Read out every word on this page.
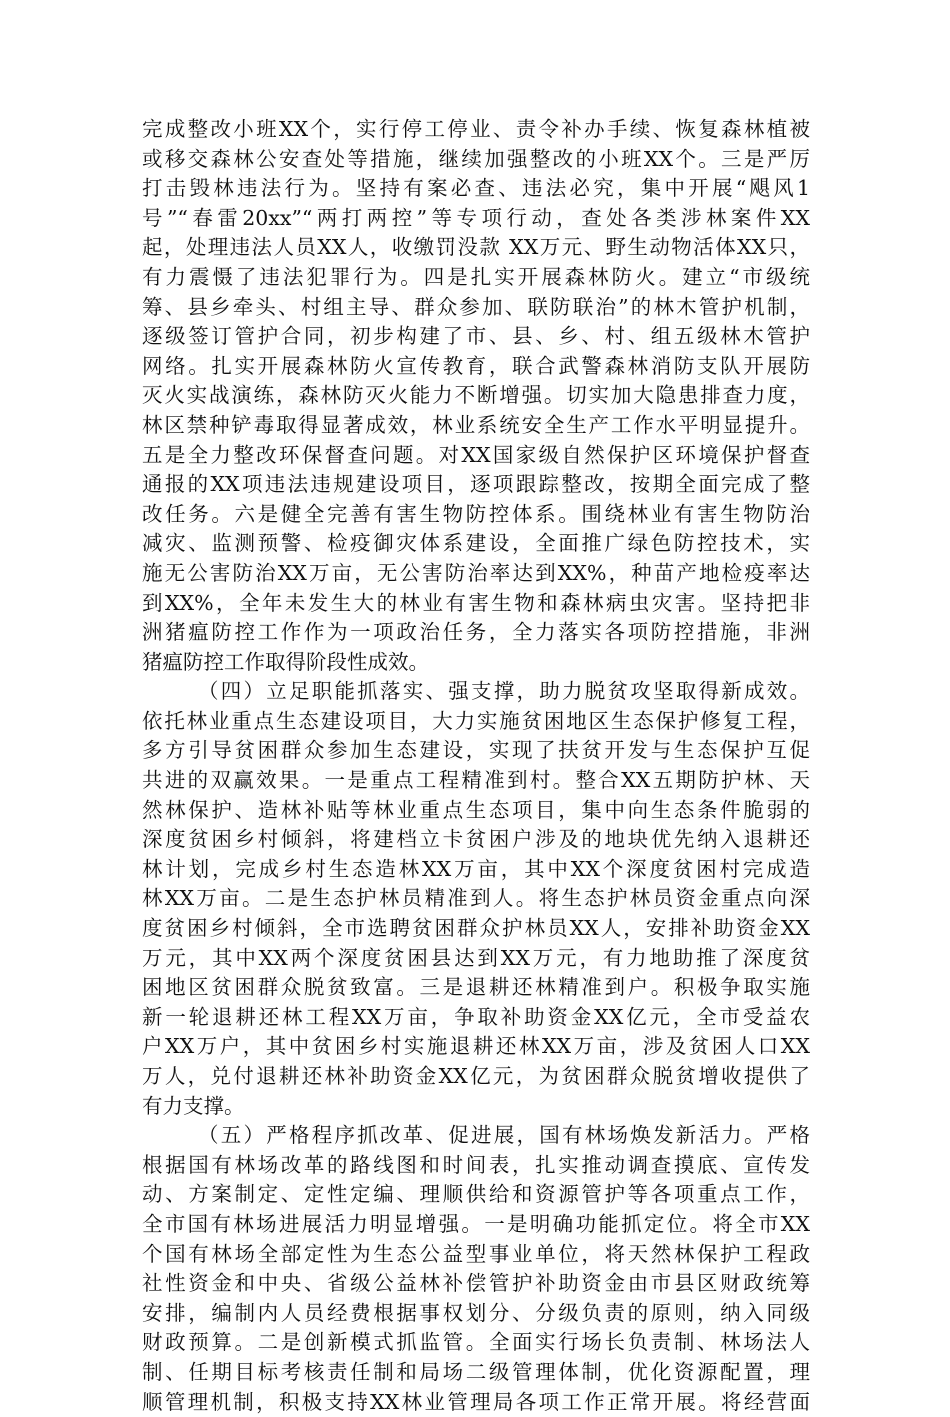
完成整改小班XX个，实行停工停业、责令补办手续、恢复森林植被
或移交森林公安查处等措施，继续加强整改的小班XX个。三是严厉
打击毁林违法行为。坚持有案必查、违法必究，集中开展“飓风1
号”“春雷20xx”“两打两控”等专项行动，查处各类涉林案件XX
起，处理违法人员XX人，收缴罚没款 XX万元、野生动物活体XX只，
有力震慑了违法犯罪行为。四是扎实开展森林防火。建立“市级统
筹、县乡牵头、村组主导、群众参加、联防联治”的林木管护机制，
逐级签订管护合同，初步构建了市、县、乡、村、组五级林木管护
网络。扎实开展森林防火宣传教育，联合武警森林消防支队开展防
灭火实战演练，森林防灭火能力不断增强。切实加大隐患排查力度，
林区禁种铲毒取得显著成效，林业系统安全生产工作水平明显提升。
五是全力整改环保督查问题。对XX国家级自然保护区环境保护督查
通报的XX项违法违规建设项目，逐项跟踪整改，按期全面完成了整
改任务。六是健全完善有害生物防控体系。围绕林业有害生物防治
减灾、监测预警、检疫御灾体系建设，全面推广绿色防控技术，实
施无公害防治XX万亩，无公害防治率达到XX%，种苗产地检疫率达
到XX%，全年未发生大的林业有害生物和森林病虫灾害。坚持把非
洲猪瘟防控工作作为一项政治任务，全力落实各项防控措施，非洲
猪瘟防控工作取得阶段性成效。
（四）立足职能抓落实、强支撑，助力脱贫攻坚取得新成效。
依托林业重点生态建设项目，大力实施贫困地区生态保护修复工程，
多方引导贫困群众参加生态建设，实现了扶贫开发与生态保护互促
共进的双赢效果。一是重点工程精准到村。整合XX五期防护林、天
然林保护、造林补贴等林业重点生态项目，集中向生态条件脆弱的
深度贫困乡村倾斜，将建档立卡贫困户涉及的地块优先纳入退耕还
林计划，完成乡村生态造林XX万亩，其中XX个深度贫困村完成造
林XX万亩。二是生态护林员精准到人。将生态护林员资金重点向深
度贫困乡村倾斜，全市选聘贫困群众护林员XX人，安排补助资金XX
万元，其中XX两个深度贫困县达到XX万元，有力地助推了深度贫
困地区贫困群众脱贫致富。三是退耕还林精准到户。积极争取实施
新一轮退耕还林工程XX万亩，争取补助资金XX亿元，全市受益农
户XX万户，其中贫困乡村实施退耕还林XX万亩，涉及贫困人口XX
万人，兑付退耕还林补助资金XX亿元，为贫困群众脱贫增收提供了
有力支撑。
（五）严格程序抓改革、促进展，国有林场焕发新活力。严格
根据国有林场改革的路线图和时间表，扎实推动调查摸底、宣传发
动、方案制定、定性定编、理顺供给和资源管护等各项重点工作，
全市国有林场进展活力明显增强。一是明确功能抓定位。将全市XX
个国有林场全部定性为生态公益型事业单位，将天然林保护工程政
社性资金和中央、省级公益林补偿管护补助资金由市县区财政统筹
安排，编制内人员经费根据事权划分、分级负责的原则，纳入同级
财政预算。二是创新模式抓监管。全面实行场长负责制、林场法人
制、任期目标考核责任制和局场二级管理体制，优化资源配置，理
顺管理机制，积极支持XX林业管理局各项工作正常开展。将经营面
